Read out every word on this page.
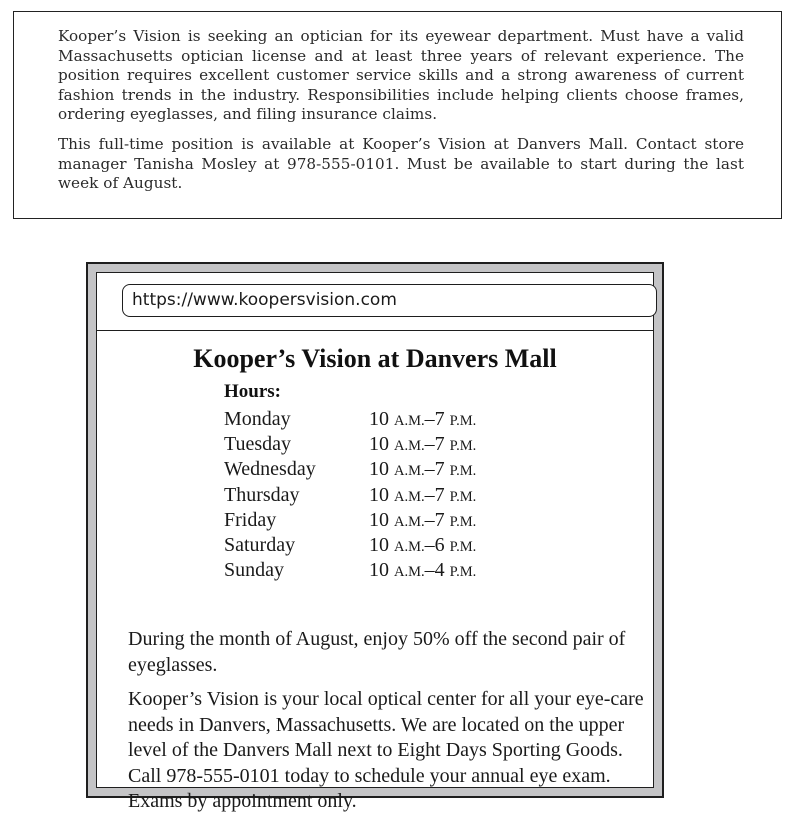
Kooper’s Vision is seeking an optician for its eyewear department. Must have a valid Massachusetts optician license and at least three years of relevant experience. The position requires excellent customer service skills and a strong awareness of current fashion trends in the industry. Responsibilities include helping clients choose frames, ordering eyeglasses, and filing insurance claims.

This full-time position is available at Kooper’s Vision at Danvers Mall. Contact store manager Tanisha Mosley at 978-555-0101. Must be available to start during the last week of August.

https://www.koopersvision.com
Kooper’s Vision at Danvers Mall
Hours:
Monday	10 A.M.–7 P.M.
Tuesday	10 A.M.–7 P.M.
Wednesday	10 A.M.–7 P.M.
Thursday	10 A.M.–7 P.M.
Friday	10 A.M.–7 P.M.
Saturday	10 A.M.–6 P.M.
Sunday	10 A.M.–4 P.M.

During the month of August, enjoy 50% off the second pair of eyeglasses.

Kooper’s Vision is your local optical center for all your eye-care needs in Danvers, Massachusetts. We are located on the upper level of the Danvers Mall next to Eight Days Sporting Goods. Call 978-555-0101 today to schedule your annual eye exam. Exams by appointment only.
